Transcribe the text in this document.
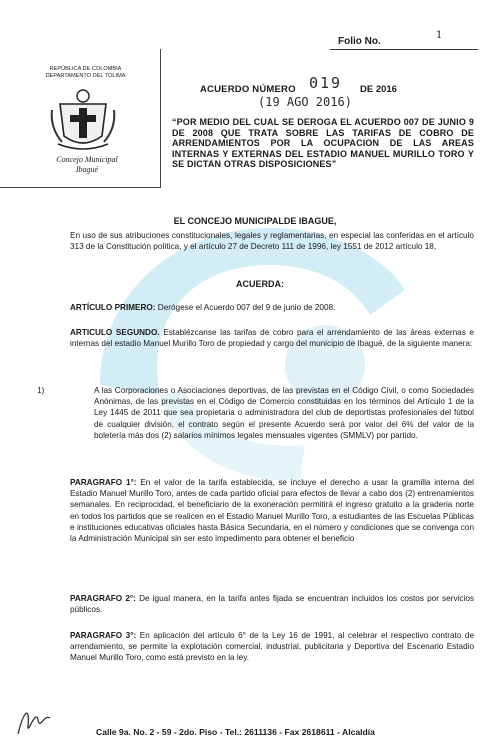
Folio No.
1
REPÚBLICA DE COLOMBIA
DEPARTAMENTO DEL TOLIMA
Concejo Municipal
Ibagué
ACUERDO NÚMERO 019 DE 2016
(19 AGO 2016)
“POR MEDIO DEL CUAL SE DEROGA EL ACUERDO 007 DE JUNIO 9 DE 2008 QUE TRATA SOBRE LAS TARIFAS DE COBRO DE ARRENDAMIENTOS POR LA OCUPACION DE LAS AREAS INTERNAS Y EXTERNAS DEL ESTADIO MANUEL MURILLO TORO Y SE DICTAN OTRAS DISPOSICIONES”
EL CONCEJO MUNICIPALDE IBAGUE,
En uso de sus atribuciones constitucionales, legales y reglamentarias, en especial las conferidas en el artículo 313 de la Constitución política, y el artículo 27 de Decreto 111 de 1996, ley 1551 de 2012 artículo 18,
ACUERDA:
ARTÍCULO PRIMERO: Derógese el Acuerdo 007 del 9 de junio de 2008.
ARTICULO SEGUNDO. Establézcanse las tarifas de cobro para el arrendamiento de las áreas externas e internas del estadio Manuel Murillo Toro de propiedad y cargo del municipio de Ibagué, de la siguiente manera:
1)	A las Corporaciones o Asociaciones deportivas, de las previstas en el Código Civil, o como Sociedades Anónimas, de las previstas en el Código de Comercio constituidas en los términos del Artículo 1 de la Ley 1445 de 2011 que sea propietaria o administradora del club de deportistas profesionales del fútbol de cualquier división, el contrato según el presente Acuerdo será por valor del 6% del valor de la boletería más dos (2) salarios mínimos legales mensuales vigentes (SMMLV) por partido.
PARAGRAFO 1°: En el valor de la tarifa establecida, se incluye el derecho a usar la gramilla interna del Estadio Manuel Murillo Toro, antes de cada partido oficial para efectos de llevar a cabo dos (2) entrenamientos semanales. En reciprocidad, el beneficiario de la exoneración permitirá el ingreso gratuito a la graderia norte en todos los partidos que se realicen en el Estadio Manuel Murillo Toro, a estudiantes de las Escuelas Públicas e instituciones educativas oficiales hasta Básica Secundaria, en el número y condiciones que se convenga con la Administración Municipal sin ser esto impedimento para obtener el beneficio
PARAGRAFO 2°: De igual manera, en la tarifa antes fijada se encuentran incluidos los costos por servicios públicos.
PARAGRAFO 3°: En aplicación del artículo 6° de la Ley 16 de 1991, al celebrar el respectivo contrato de arrendamiento, se permite la explotación comercial, industrial, publicitaria y Deportiva del Escenario Estadio Manuel Murillo Toro, como está previsto en la ley.
Calle 9a. No. 2 - 59 - 2do. Piso - Tel.: 2611136 - Fax 2618611 - Alcaldía
